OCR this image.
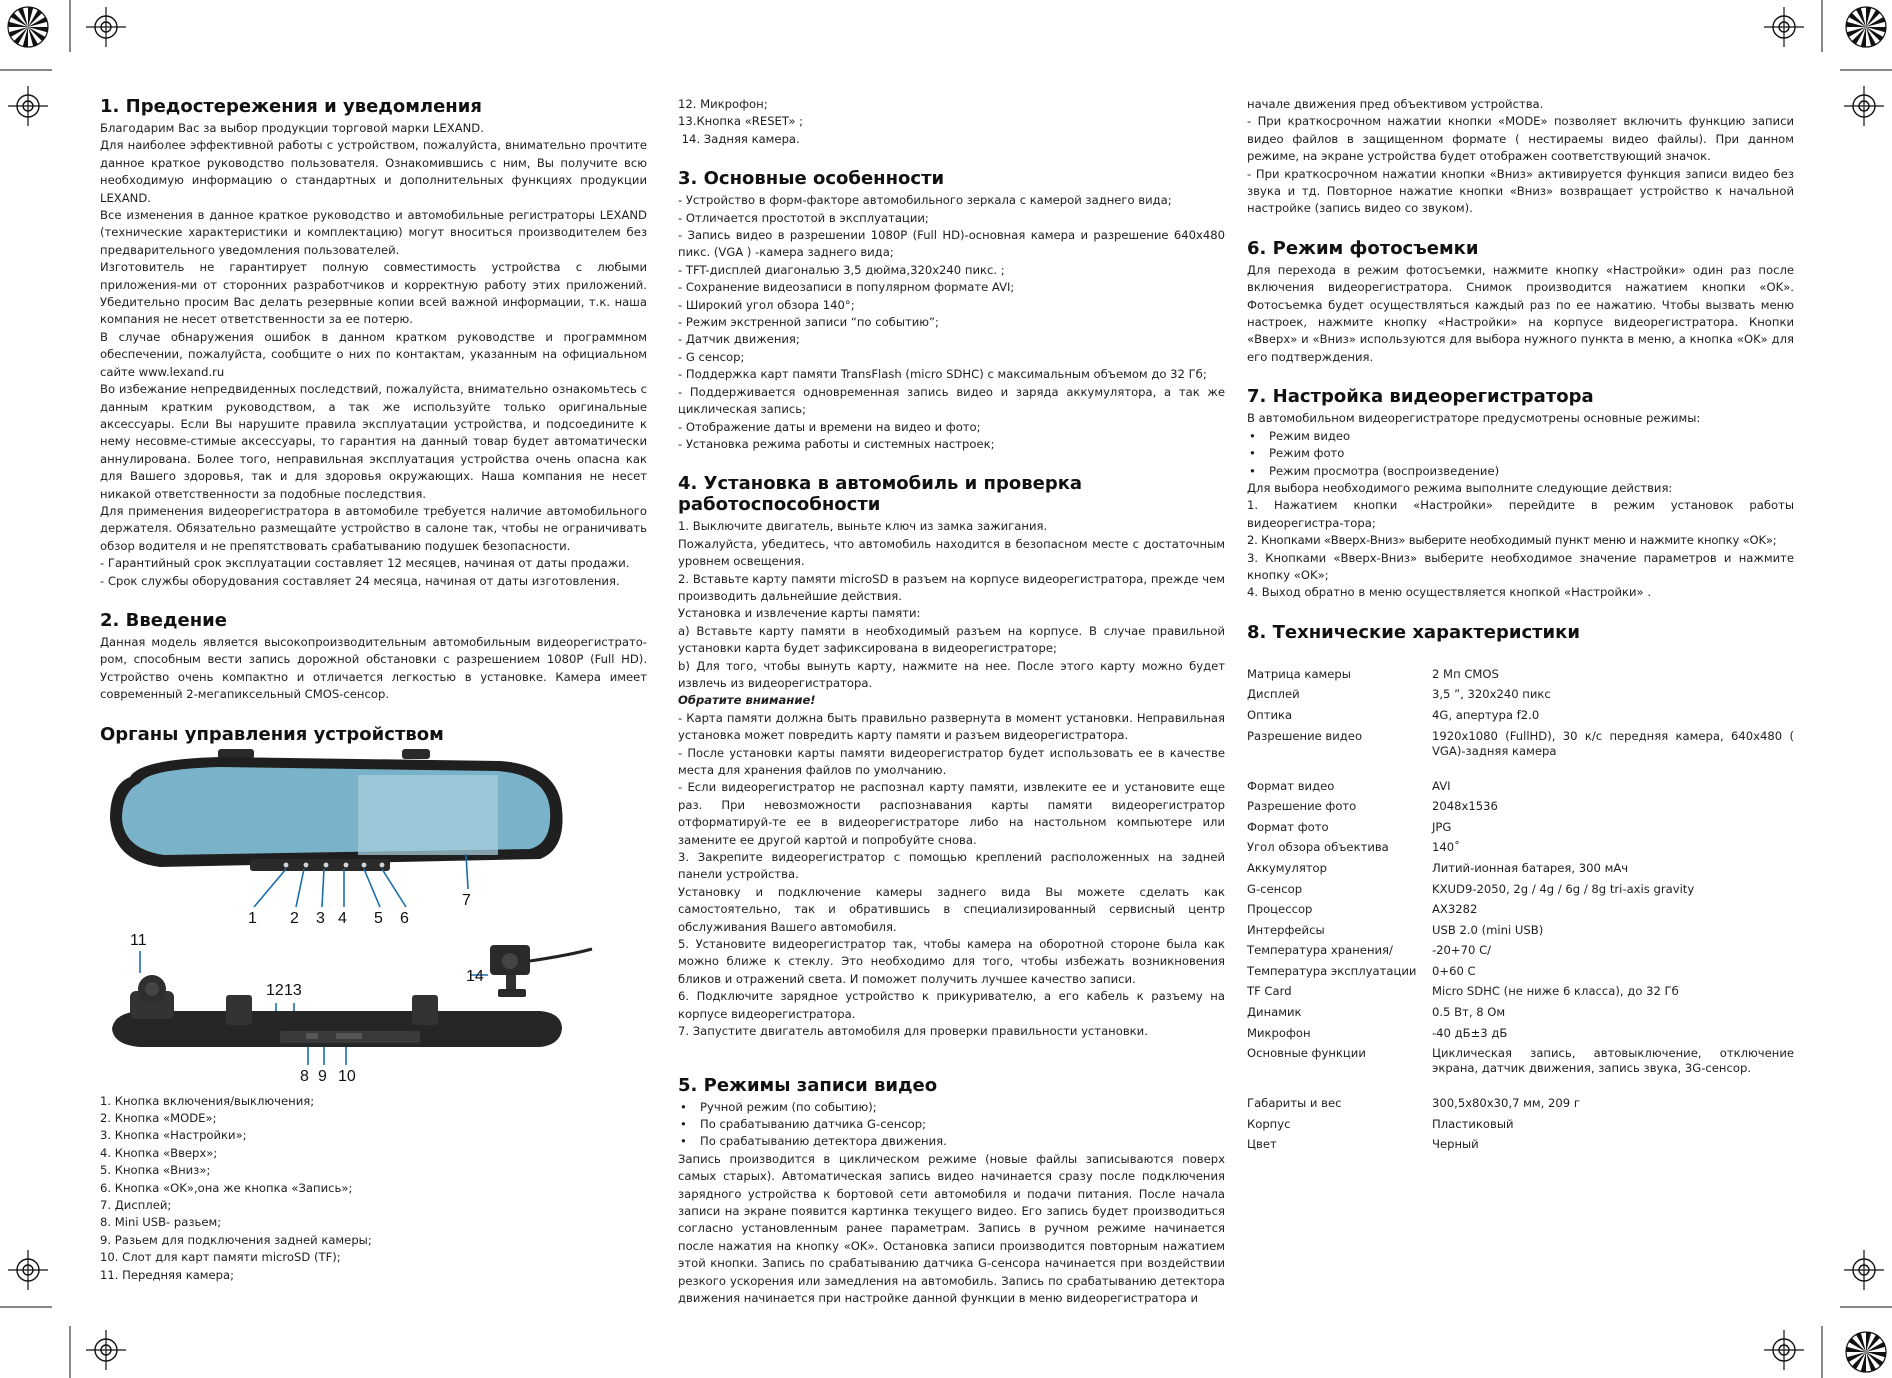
1. Предостережения и уведомления

Благодарим Вас за выбор продукции торговой марки LEXAND.

Для наиболее эффективной работы с устройством, пожалуйста, внимательно прочтите данное краткое руководство пользователя. Ознакомившись с ним, Вы получите всю необходимую информацию о стандартных и дополнительных функциях продукции LEXAND.

Все изменения в данное краткое руководство и автомобильные регистраторы LEXAND (технические характеристики и комплектацию) могут вноситься производителем без предварительного уведомления пользователей.

Изготовитель не гарантирует полную совместимость устройства с любыми приложения-ми от сторонних разработчиков и корректную работу этих приложений. Убедительно просим Вас делать резервные копии всей важной информации, т.к. наша компания не несет ответственности за ее потерю.

В случае обнаружения ошибок в данном кратком руководстве и программном обеспечении, пожалуйста, сообщите о них по контактам, указанным на официальном сайте www.lexand.ru

Во избежание непредвиденных последствий, пожалуйста, внимательно ознакомьтесь с данным кратким руководством, а так же используйте только оригинальные аксессуары. Если Вы нарушите правила эксплуатации устройства, и подсоедините к нему несовме-стимые аксессуары, то гарантия на данный товар будет автоматически аннулирована. Более того, неправильная эксплуатация устройства очень опасна как для Вашего здоровья, так и для здоровья окружающих. Наша компания не несет никакой ответственности за подобные последствия.

Для применения видеорегистратора в автомобиле требуется наличие автомобильного держателя. Обязательно размещайте устройство в салоне так, чтобы не ограничивать обзор водителя и не препятствовать срабатыванию подушек безопасности.

- Гарантийный срок эксплуатации составляет 12 месяцев, начиная от даты продажи.

- Срок службы оборудования составляет 24 месяца, начиная от даты изготовления.

2. Введение

Данная модель является высокопроизводительным автомобильным видеорегистрато-ром, способным вести запись дорожной обстановки с разрешением 1080P (Full HD). Устройство очень компактно и отличается легкостью в установке. Камера имеет современный 2-мегапиксельный CMOS-сенсор.

Органы управления устройством
1 2 3 4 5 6
7
8 9 10
11
12 13
14

1. Кнопка включения/выключения;

2. Кнопка «MODE»;

3. Кнопка «Настройки»;

4. Кнопка «Вверх»;

5. Кнопка «Вниз»;

6. Кнопка «OK»,она же кнопка «Запись»;

7. Дисплей;

8. Mini USB- разьем;

9. Разьем для подключения задней камеры;

10. Слот для карт памяти microSD (TF);

11. Передняя камера;

12. Микрофон;

13.Кнопка «RESET» ;

14. Задняя камера.

3. Основные особенности

- Устройство в форм-факторе автомобильного зеркала с камерой заднего вида;

- Отличается простотой в эксплуатации;

- Запись видео в разрешении 1080P (Full HD)-основная камера и разрешение 640x480 пикс. (VGA ) -камера заднего вида;

- TFT-дисплей диагональю 3,5 дюйма,320x240 пикс. ;

- Сохранение видеозаписи в популярном формате AVI;

- Широкий угол обзора 140°;

- Режим экстренной записи “по событию”;

- Датчик движения;

- G сенсор;

- Поддержка карт памяти TransFlash (micro SDHC) с максимальным объемом до 32 Гб;

- Поддерживается одновременная запись видео и заряда аккумулятора, а так же циклическая запись;

- Отображение даты и времени на видео и фото;

- Установка режима работы и системных настроек;

4. Установка в автомобиль и проверка работоспособности

1. Выключите двигатель, выньте ключ из замка зажигания.

Пожалуйста, убедитесь, что автомобиль находится в безопасном месте с достаточным уровнем освещения.

2. Вставьте карту памяти microSD в разъем на корпусе видеорегистратора, прежде чем производить дальнейшие действия.

Установка и извлечение карты памяти:

a) Вставьте карту памяти в необходимый разъем на корпусе. В случае правильной установки карта будет зафиксирована в видеорегистраторе;

b) Для того, чтобы вынуть карту, нажмите на нее. После этого карту можно будет извлечь из видеорегистратора.

Обратите внимание!

- Карта памяти должна быть правильно развернута в момент установки. Неправильная установка может повредить карту памяти и разъем видеорегистратора.

- После установки карты памяти видеорегистратор будет использовать ее в качестве места для хранения файлов по умолчанию.

- Если видеорегистратор не распознал карту памяти, извлеките ее и установите еще раз. При невозможности распознавания карты памяти видеорегистратор отформатируй-те ее в видеорегистраторе либо на настольном компьютере или замените ее другой картой и попробуйте снова.

3. Закрепите видеорегистратор с помощью креплений расположенных на задней панели устройства.

Установку и подключение камеры заднего вида Вы можете сделать как самостоятельно, так и обратившись в специализированный сервисный центр обслуживания Вашего автомобиля.

5. Установите видеорегистратор так, чтобы камера на оборотной стороне была как можно ближе к стеклу. Это необходимо для того, чтобы избежать возникновения бликов и отражений света. И поможет получить лучшее качество записи.

6. Подключите зарядное устройство к прикуривателю, а его кабель к разъему на корпусе видеорегистратора.

7. Запустите двигатель автомобиля для проверки правильности установки.

5. Режимы записи видео
• Ручной режим (по событию);
• По срабатыванию датчика G-сенсор;
• По срабатыванию детектора движения.

Запись производится в циклическом режиме (новые файлы записываются поверх самых старых). Автоматическая запись видео начинается сразу после подключения зарядного устройства к бортовой сети автомобиля и подачи питания. После начала записи на экране появится картинка текущего видео. Его запись будет производиться согласно установленным ранее параметрам. Запись в ручном режиме начинается после нажатия на кнопку «OK». Остановка записи производится повторным нажатием этой кнопки. Запись по срабатыванию датчика G-сенсора начинается при воздействии резкого ускорения или замедления на автомобиль. Запись по срабатыванию детектора движения начинается при настройке данной функции в меню видеорегистратора и

начале движения пред объективом устройства.

- При краткосрочном нажатии кнопки «MODE» позволяет включить функцию записи видео файлов в защищенном формате ( нестираемы видео файлы). При данном режиме, на экране устройства будет отображен соответствующий значок.

- При краткосрочном нажатии кнопки «Вниз» активируется функция записи видео без звука и тд. Повторное нажатие кнопки «Вниз» возвращает устройство к начальной настройке (запись видео со звуком).

6. Режим фотосъемки

Для перехода в режим фотосъемки, нажмите кнопку «Настройки» один раз после включения видеорегистратора. Снимок производится нажатием кнопки «OK». Фотосъемка будет осуществляться каждый раз по ее нажатию. Чтобы вызвать меню настроек, нажмите кнопку «Настройки» на корпусе видеорегистратора. Кнопки «Вверх» и «Вниз» используются для выбора нужного пункта в меню, а кнопка «OK» для его подтверждения.

7. Настройка видеорегистратора

В автомобильном видеорегистраторе предусмотрены основные режимы:

• Режим видео
• Режим фото
• Режим просмотра (воспроизведение)

Для выбора необходимого режима выполните следующие действия:

1. Нажатием кнопки «Настройки» перейдите в режим установок работы видеорегистра-тора;

2. Кнопками «Вверх-Вниз» выберите необходимый пункт меню и нажмите кнопку «OK»;

3. Кнопками «Вверх-Вниз» выберите необходимое значение параметров и нажмите кнопку «OK»;

4. Выход обратно в меню осуществляется кнопкой «Настройки» .

8. Технические характеристики
Матрица камеры	2 Мп CMOS
Дисплей	3,5 ”, 320x240 пикс
Оптика	4G, апертура f2.0
Разрешение видео	1920x1080 (FullHD), 30 к/с передняя камера, 640x480 ( VGA)-задняя камера
Формат видео	AVI
Разрешение фото	2048x1536
Формат фото	JPG
Угол обзора объектива	140˚
Аккумулятор	Литий-ионная батарея, 300 мАч
G-сенсор	KXUD9-2050, 2g / 4g / 6g / 8g tri-axis gravity
Процессор	AX3282
Интерфейсы	USB 2.0 (mini USB)
Температура хранения/	-20+70 С/
Температура эксплуатации	0+60 С
TF Card	Micro SDHC (не ниже 6 класса), до 32 Гб
Динамик	0.5 Вт, 8 Ом
Микрофон	-40 дБ±3 дБ
Основные функции	Циклическая запись, автовыключение, отключение экрана, датчик движения, запись звука, 3G-сенсор.
Габариты и вес	300,5x80x30,7 мм, 209 г
Корпус	Пластиковый
Цвет	Черный
